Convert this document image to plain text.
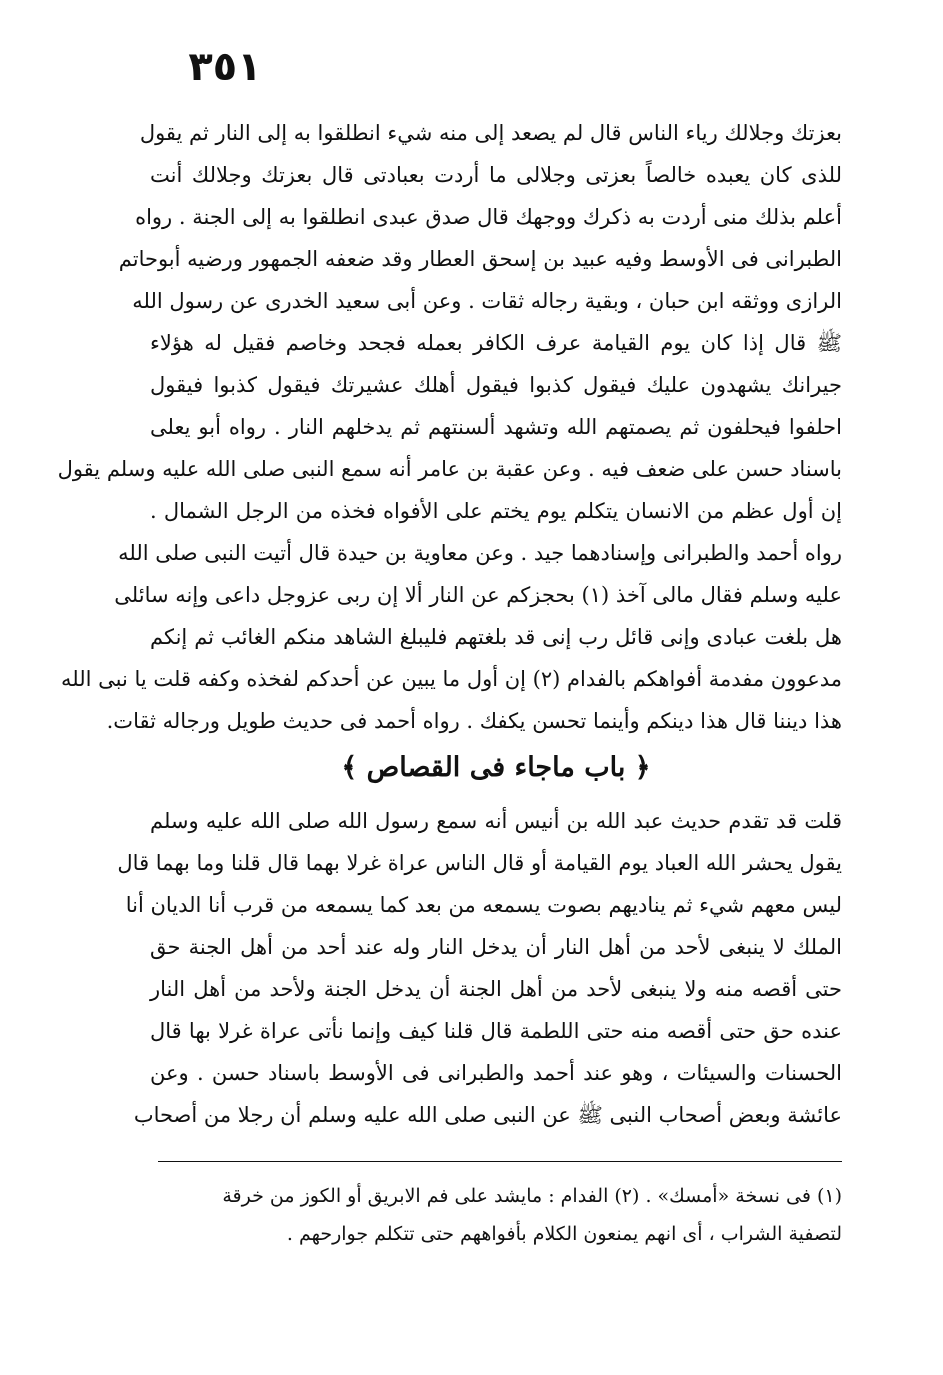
٣٥١
بعزتك وجلالك رياء الناس قال لم يصعد إلى منه شيء انطلقوا به إلى النار ثم يقول
للذى كان يعبده خالصاً بعزتى وجلالى ما أردت بعبادتى قال بعزتك وجلالك أنت
أعلم بذلك منى أردت به ذكرك ووجهك قال صدق عبدى انطلقوا به إلى الجنة . رواه
الطبرانى فى الأوسط وفيه عبيد بن إسحق العطار وقد ضعفه الجمهور ورضيه أبوحاتم
الرازى ووثقه ابن حبان ، وبقية رجاله ثقات . وعن أبى سعيد الخدرى عن رسول الله
ﷺ قال إذا كان يوم القيامة عرف الكافر بعمله فجحد وخاصم فقيل له هؤلاء
جيرانك يشهدون عليك فيقول كذبوا فيقول أهلك عشيرتك فيقول كذبوا فيقول
احلفوا فيحلفون ثم يصمتهم الله وتشهد ألسنتهم ثم يدخلهم النار . رواه أبو يعلى
باسناد حسن على ضعف فيه . وعن عقبة بن عامر أنه سمع النبى صلى الله عليه وسلم يقول
إن أول عظم من الانسان يتكلم يوم يختم على الأفواه فخذه من الرجل الشمال .
رواه أحمد والطبرانى وإسنادهما جيد . وعن معاوية بن حيدة قال أتيت النبى صلى الله
عليه وسلم فقال مالى آخذ (١) بحجزكم عن النار ألا إن ربى عزوجل داعى وإنه سائلى
هل بلغت عبادى وإنى قائل رب إنى قد بلغتهم فليبلغ الشاهد منكم الغائب ثم إنكم
مدعوون مفدمة أفواهكم بالفدام (٢) إن أول ما يبين عن أحدكم لفخذه وكفه قلت يا نبى الله
هذا ديننا قال هذا دينكم وأينما تحسن يكفك . رواه أحمد فى حديث طويل ورجاله ثقات.
﴿ باب ماجاء فى القصاص ﴾
قلت قد تقدم حديث عبد الله بن أنيس أنه سمع رسول الله صلى الله عليه وسلم
يقول يحشر الله العباد يوم القيامة أو قال الناس عراة غرلا بهما قال قلنا وما بهما قال
ليس معهم شيء ثم يناديهم بصوت يسمعه من بعد كما يسمعه من قرب أنا الديان أنا
الملك لا ينبغى لأحد من أهل النار أن يدخل النار وله عند أحد من أهل الجنة حق
حتى أقصه منه ولا ينبغى لأحد من أهل الجنة أن يدخل الجنة ولأحد من أهل النار
عنده حق حتى أقصه منه حتى اللطمة قال قلنا كيف وإنما نأتى عراة غرلا بها قال
الحسنات والسيئات ، وهو عند أحمد والطبرانى فى الأوسط باسناد حسن . وعن
عائشة وبعض أصحاب النبى ﷺ عن النبى صلى الله عليه وسلم أن رجلا من أصحاب
(١) فى نسخة «أمسك» . (٢) الفدام : مايشد على فم الابريق أو الكوز من خرقة
لتصفية الشراب ، أى انهم يمنعون الكلام بأفواههم حتى تتكلم جوارحهم .
